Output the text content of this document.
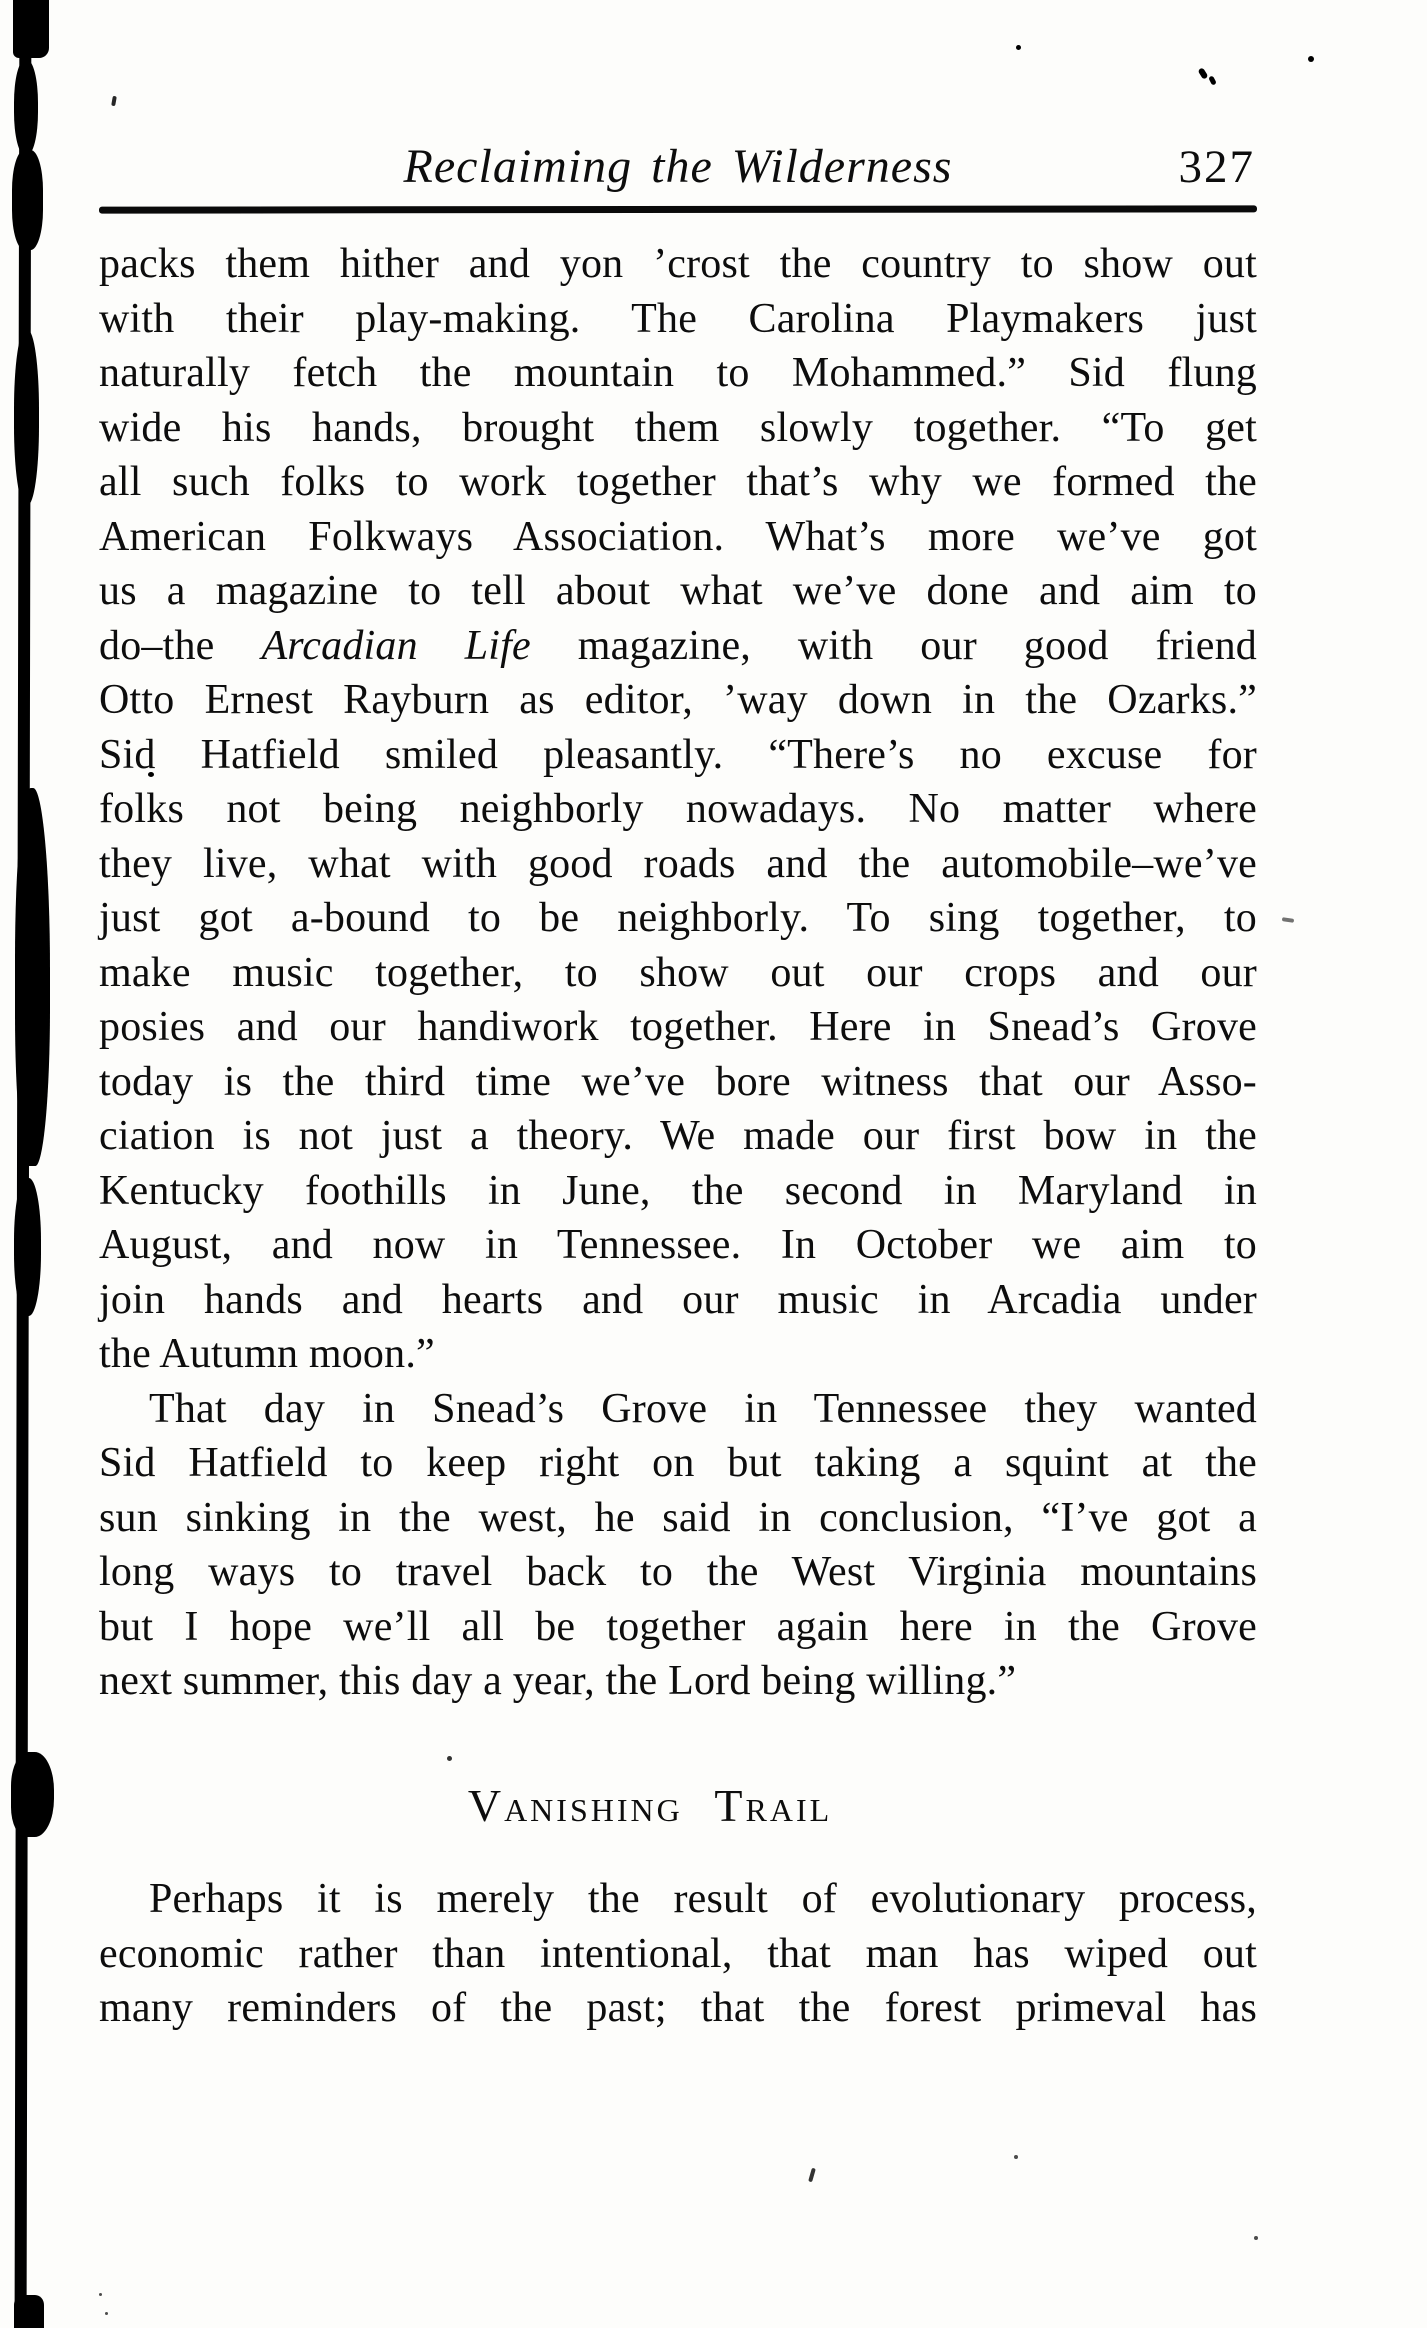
Reclaiming the Wilderness	327
packs them hither and yon ’crost the country to show out
with their play-making. The Carolina Playmakers just
naturally fetch the mountain to Mohammed.” Sid flung
wide his hands, brought them slowly together. “To get
all such folks to work together that’s why we formed the
American Folkways Association. What’s more we’ve got
us a magazine to tell about what we’ve done and aim to
do–the Arcadian Life magazine, with our good friend
Otto Ernest Rayburn as editor, ’way down in the Ozarks.”
Sid Hatfield smiled pleasantly. “There’s no excuse for
folks not being neighborly nowadays. No matter where
they live, what with good roads and the automobile–we’ve
just got a-bound to be neighborly. To sing together, to
make music together, to show out our crops and our
posies and our handiwork together. Here in Snead’s Grove
today is the third time we’ve bore witness that our Asso-
ciation is not just a theory. We made our first bow in the
Kentucky foothills in June, the second in Maryland in
August, and now in Tennessee. In October we aim to
join hands and hearts and our music in Arcadia under
the Autumn moon.”
That day in Snead’s Grove in Tennessee they wanted
Sid Hatfield to keep right on but taking a squint at the
sun sinking in the west, he said in conclusion, “I’ve got a
long ways to travel back to the West Virginia mountains
but I hope we’ll all be together again here in the Grove
next summer, this day a year, the Lord being willing.”
Vanishing Trail
Perhaps it is merely the result of evolutionary process,
economic rather than intentional, that man has wiped out
many reminders of the past; that the forest primeval has
